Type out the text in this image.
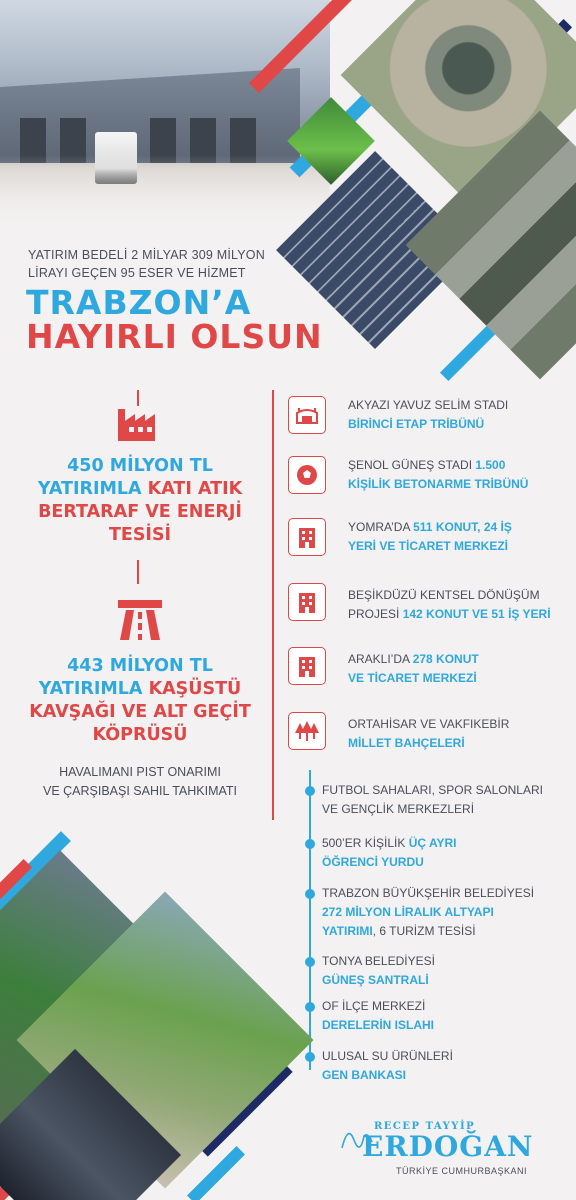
YATIRIM BEDELİ 2 MİLYAR 309 MİLYON
LİRAYI GEÇEN 95 ESER VE HİZMET
TRABZON’A
HAYIRLI OLSUN
450 MİLYON TL
YATIRIMLA KATI ATIK
BERTARAF VE ENERJİ
TESİSİ
443 MİLYON TL
YATIRIMLA KAŞÜSTÜ
KAVŞAĞI VE ALT GEÇİT
KÖPRÜSÜ
HAVALIMANI PIST ONARIMI
VE ÇARŞIBAŞI SAHIL TAHKIMATI
AKYAZI YAVUZ SELİM STADI
BİRİNCİ ETAP TRİBÜNÜ
ŞENOL GÜNEŞ STADI 1.500
KİŞİLİK BETONARME TRİBÜNÜ
YOMRA’DA 511 KONUT, 24 İŞ
YERİ VE TİCARET MERKEZİ
BEŞİKDÜZÜ KENTSEL DÖNÜŞÜM
PROJESİ 142 KONUT VE 51 İŞ YERİ
ARAKLI’DA 278 KONUT
VE TİCARET MERKEZİ
ORTAHİSAR VE VAKFIKEBİR
MİLLET BAHÇELERİ
FUTBOL SAHALARI, SPOR SALONLARI
VE GENÇLİK MERKEZLERİ
500’ER KİŞİLİK ÜÇ AYRI
ÖĞRENCİ YURDU
TRABZON BÜYÜKŞEHİR BELEDİYESİ
272 MİLYON LİRALIK ALTYAPI
YATIRIMI, 6 TURİZM TESİSİ
TONYA BELEDİYESİ
GÜNEŞ SANTRALİ
OF İLÇE MERKEZİ
DERELERİN ISLAHI
ULUSAL SU ÜRÜNLERİ
GEN BANKASI
RECEP TAYYİP
ERDOĞAN
TÜRKİYE CUMHURBAŞKANI
